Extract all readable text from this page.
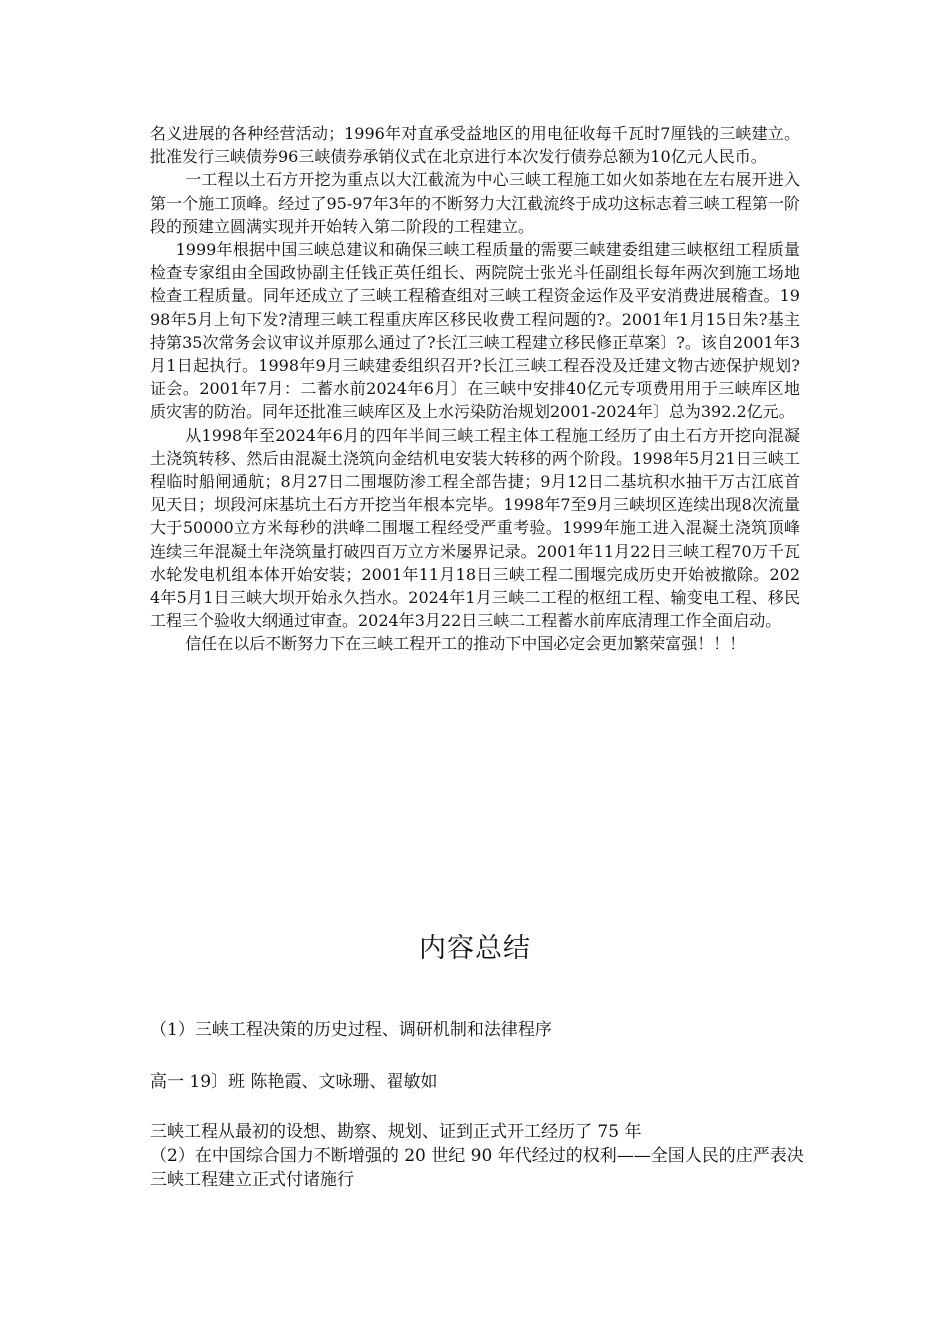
名义进展的各种经营活动；1996年对直承受益地区的用电征收每千瓦时7厘钱的三峡建立。批准发行三峡债券96三峡债券承销仪式在北京进行本次发行债券总额为10亿元人民币。

一工程以土石方开挖为重点以大江截流为中心三峡工程施工如火如荼地在左右展开进入第一个施工顶峰。经过了95-97年3年的不断努力大江截流终于成功这标志着三峡工程第一阶段的预建立圆满实现并开始转入第二阶段的工程建立。

1999年根据中国三峡总建议和确保三峡工程质量的需要三峡建委组建三峡枢纽工程质量检查专家组由全国政协副主任钱正英任组长、两院院士张光斗任副组长每年两次到施工场地检查工程质量。同年还成立了三峡工程稽查组对三峡工程资金运作及平安消费进展稽查。1998年5月上旬下发?清理三峡工程重庆库区移民收费工程问题的?。2001年1月15日朱?基主持第35次常务会议审议并原那么通过了?长江三峡工程建立移民修正草案〕?。该自2001年3月1日起执行。1998年9月三峡建委组织召开?长江三峡工程吞没及迁建文物古迹保护规划?证会。2001年7月：二蓄水前2024年6月〕在三峡中安排40亿元专项费用用于三峡库区地质灾害的防治。同年还批准三峡库区及上水污染防治规划2001-2024年〕总为392.2亿元。

从1998年至2024年6月的四年半间三峡工程主体工程施工经历了由土石方开挖向混凝土浇筑转移、然后由混凝土浇筑向金结机电安装大转移的两个阶段。1998年5月21日三峡工程临时船闸通航；8月27日二围堰防渗工程全部告捷；9月12日二基坑积水抽干万古江底首见天日；坝段河床基坑土石方开挖当年根本完毕。1998年7至9月三峡坝区连续出现8次流量大于50000立方米每秒的洪峰二围堰工程经受严重考验。1999年施工进入混凝土浇筑顶峰连续三年混凝土年浇筑量打破四百万立方米屡界记录。2001年11月22日三峡工程70万千瓦水轮发电机组本体开始安装；2001年11月18日三峡工程二围堰完成历史开始被撤除。2024年5月1日三峡大坝开始永久挡水。2024年1月三峡二工程的枢纽工程、输变电工程、移民工程三个验收大纲通过审查。2024年3月22日三峡二工程蓄水前库底清理工作全面启动。

信任在以后不断努力下在三峡工程开工的推动下中国必定会更加繁荣富强！！！

内容总结

（1）三峡工程决策的历史过程、调研机制和法律程序

高一 19〕班 陈艳霞、文咏珊、翟敏如

三峡工程从最初的设想、勘察、规划、证到正式开工经历了 75 年
（2）在中国综合国力不断增强的 20 世纪 90 年代经过的权利——全国人民的庄严表决三峡工程建立正式付诸施行
